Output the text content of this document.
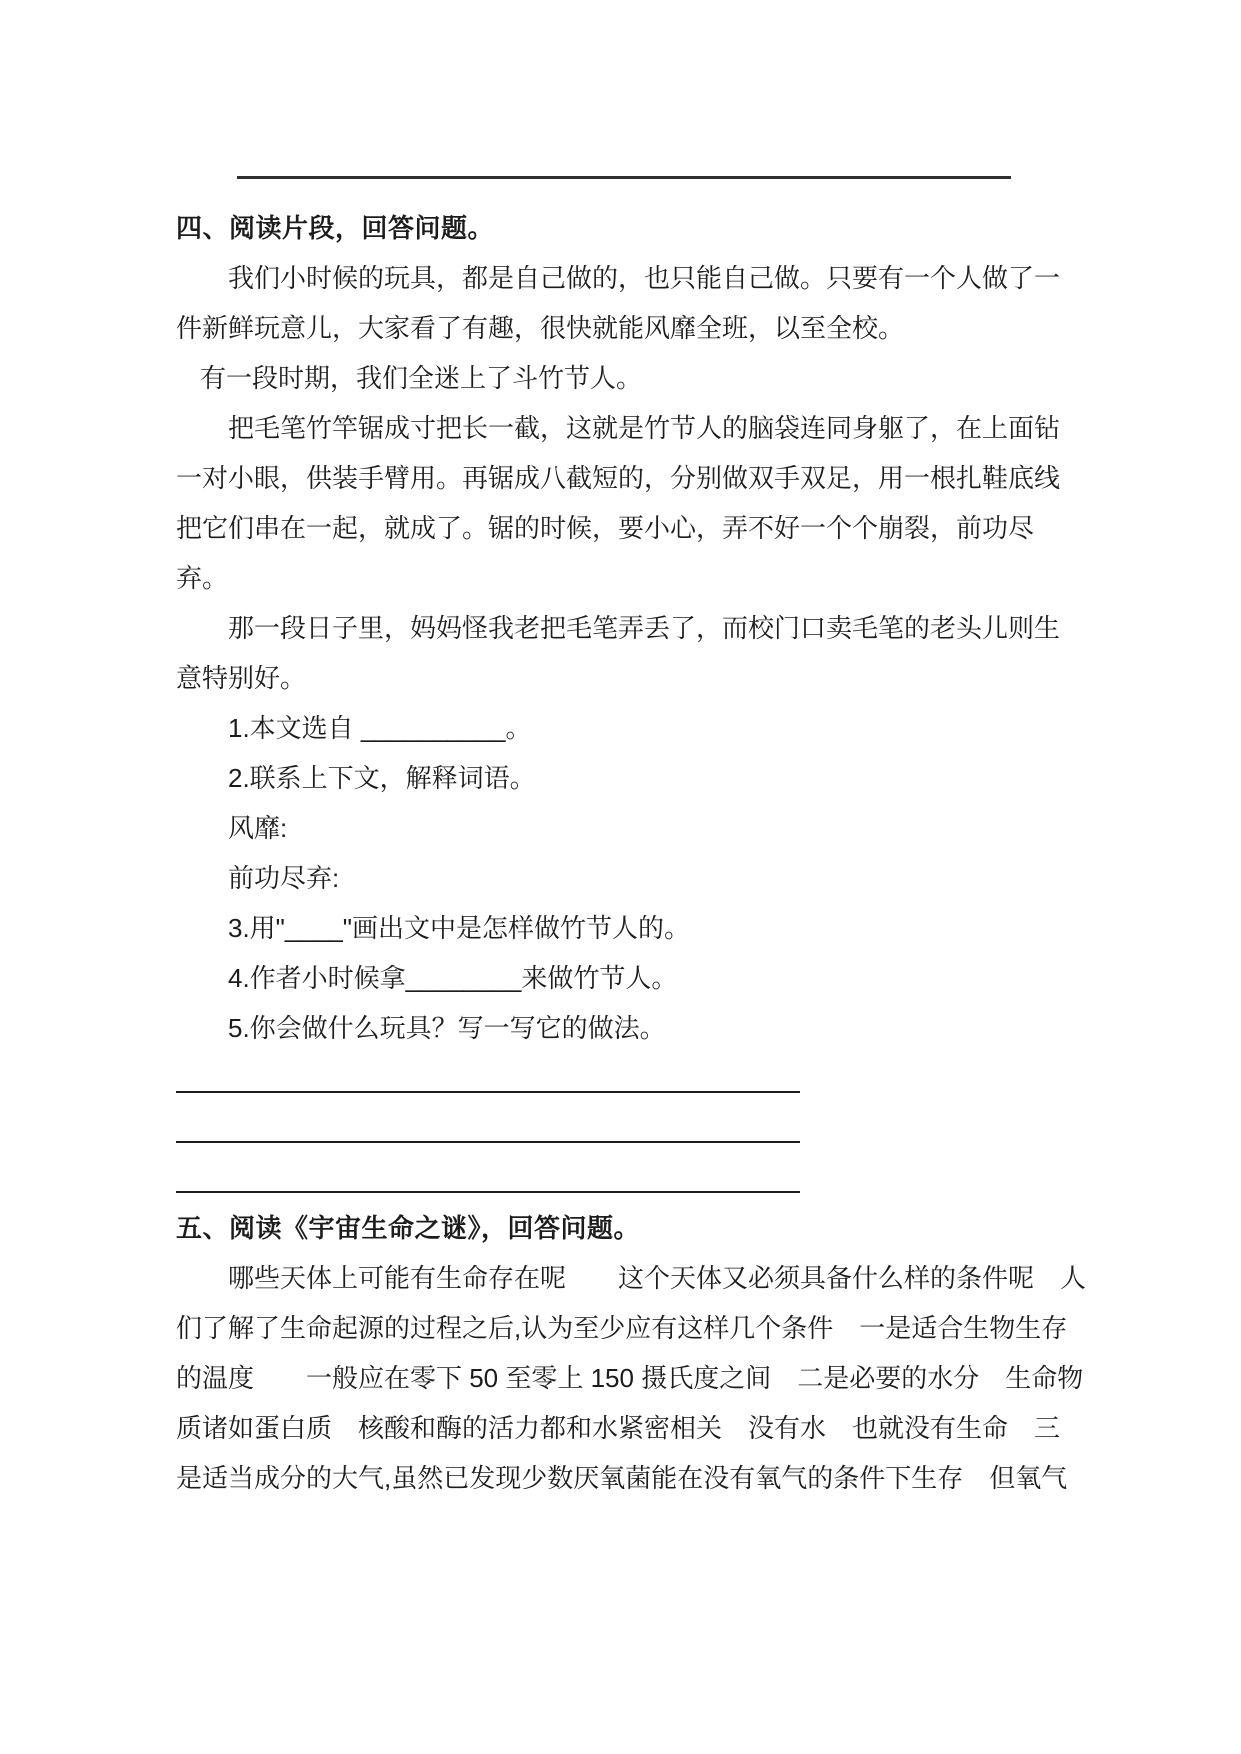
四、阅读片段，回答问题。
我们小时候的玩具，都是自己做的，也只能自己做。只要有一个人做了一
件新鲜玩意儿，大家看了有趣，很快就能风靡全班，以至全校。
有一段时期，我们全迷上了斗竹节人。
把毛笔竹竿锯成寸把长一截，这就是竹节人的脑袋连同身躯了，在上面钻
一对小眼，供装手臂用。再锯成八截短的，分别做双手双足，用一根扎鞋底线
把它们串在一起，就成了。锯的时候，要小心，弄不好一个个崩裂，前功尽
弃。
那一段日子里，妈妈怪我老把毛笔弄丢了，而校门口卖毛笔的老头儿则生
意特别好。
1.本文选自 __________。
2.联系上下文，解释词语。
风靡:
前功尽弃:
3.用"____"画出文中是怎样做竹节人的。
4.作者小时候拿________来做竹节人。
5.你会做什么玩具？写一写它的做法。
五、阅读《宇宙生命之谜》，回答问题。
哪些天体上可能有生命存在呢　　这个天体又必须具备什么样的条件呢　人
们了解了生命起源的过程之后,认为至少应有这样几个条件　一是适合生物生存
的温度　　一般应在零下 50 至零上 150 摄氏度之间　二是必要的水分　生命物
质诸如蛋白质　核酸和酶的活力都和水紧密相关　没有水　也就没有生命　三
是适当成分的大气,虽然已发现少数厌氧菌能在没有氧气的条件下生存　但氧气
